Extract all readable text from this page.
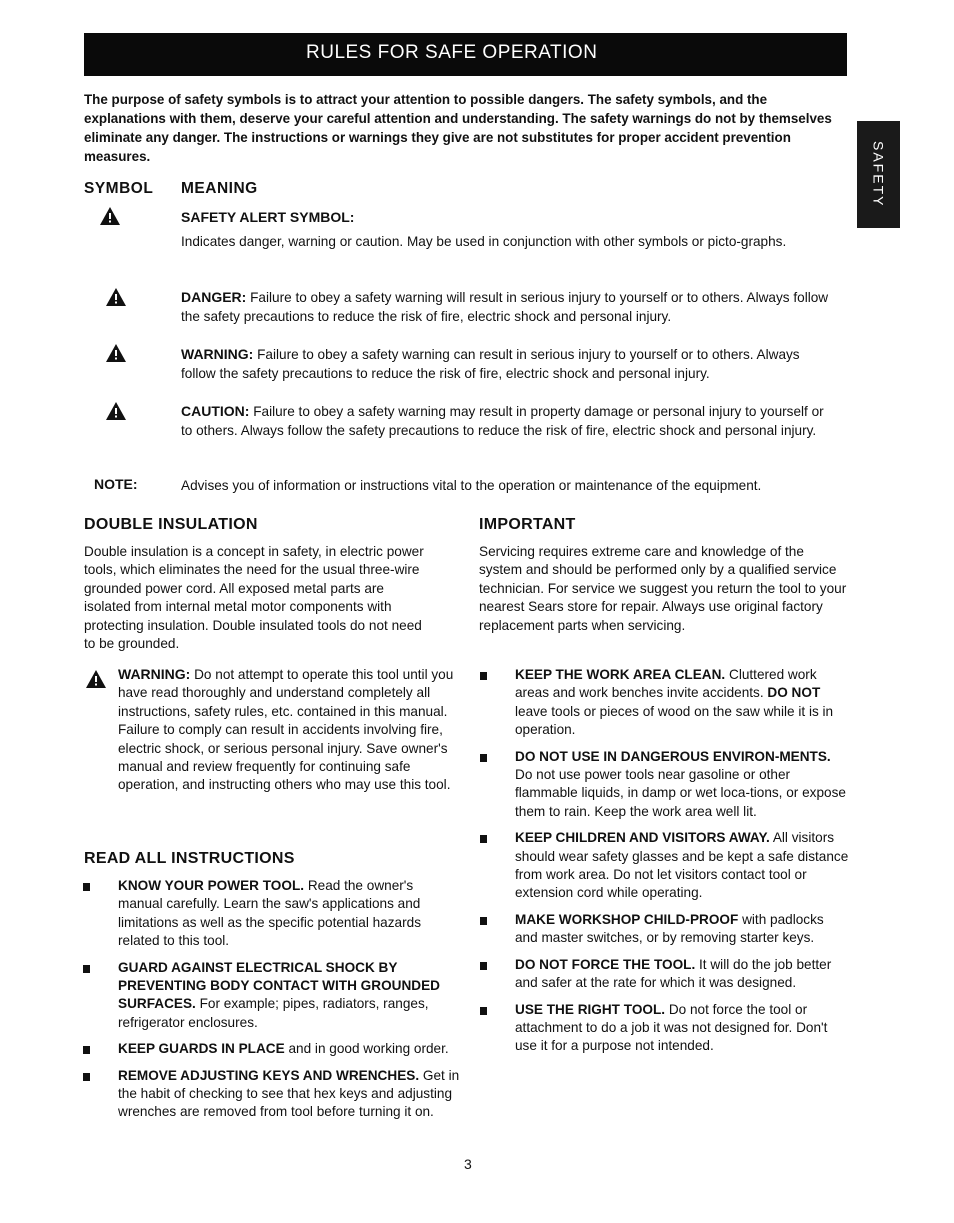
RULES FOR SAFE OPERATION
SAFETY

The purpose of safety symbols is to attract your attention to possible dangers. The safety symbols, and the explanations with them, deserve your careful attention and understanding. The safety warnings do not by themselves eliminate any danger. The instructions or warnings they give are not substitutes for proper accident prevention measures.

SYMBOL MEANING
SAFETY ALERT SYMBOL:
Indicates danger, warning or caution. May be used in conjunction with other symbols or picto-graphs.
DANGER: Failure to obey a safety warning will result in serious injury to yourself or to others. Always follow the safety precautions to reduce the risk of fire, electric shock and personal injury.
WARNING: Failure to obey a safety warning can result in serious injury to yourself or to others. Always follow the safety precautions to reduce the risk of fire, electric shock and personal injury.
CAUTION: Failure to obey a safety warning may result in property damage or personal injury to yourself or to others. Always follow the safety precautions to reduce the risk of fire, electric shock and personal injury.
NOTE:	Advises you of information or instructions vital to the operation or maintenance of the equipment.
DOUBLE INSULATION

Double insulation is a concept in safety, in electric power tools, which eliminates the need for the usual three-wire grounded power cord. All exposed metal parts are isolated from internal metal motor components with protecting insulation. Double insulated tools do not need to be grounded.

WARNING: Do not attempt to operate this tool until you have read thoroughly and understand completely all instructions, safety rules, etc. contained in this manual. Failure to comply can result in accidents involving fire, electric shock, or serious personal injury. Save owner's manual and review frequently for continuing safe operation, and instructing others who may use this tool.

READ ALL INSTRUCTIONS
KNOW YOUR POWER TOOL. Read the owner's manual carefully. Learn the saw's applications and limitations as well as the specific potential hazards related to this tool.
GUARD AGAINST ELECTRICAL SHOCK BY PREVENTING BODY CONTACT WITH GROUNDED SURFACES. For example; pipes, radiators, ranges, refrigerator enclosures.
KEEP GUARDS IN PLACE and in good working order.
REMOVE ADJUSTING KEYS AND WRENCHES. Get in the habit of checking to see that hex keys and adjusting wrenches are removed from tool before turning it on.
IMPORTANT

Servicing requires extreme care and knowledge of the system and should be performed only by a qualified service technician. For service we suggest you return the tool to your nearest Sears store for repair. Always use original factory replacement parts when servicing.

KEEP THE WORK AREA CLEAN. Cluttered work areas and work benches invite accidents. DO NOT leave tools or pieces of wood on the saw while it is in operation.
DO NOT USE IN DANGEROUS ENVIRON-MENTS. Do not use power tools near gasoline or other flammable liquids, in damp or wet loca-tions, or expose them to rain. Keep the work area well lit.
KEEP CHILDREN AND VISITORS AWAY. All visitors should wear safety glasses and be kept a safe distance from work area. Do not let visitors contact tool or extension cord while operating.
MAKE WORKSHOP CHILD-PROOF with padlocks and master switches, or by removing starter keys.
DO NOT FORCE THE TOOL. It will do the job better and safer at the rate for which it was designed.
USE THE RIGHT TOOL. Do not force the tool or attachment to do a job it was not designed for. Don't use it for a purpose not intended.
3
